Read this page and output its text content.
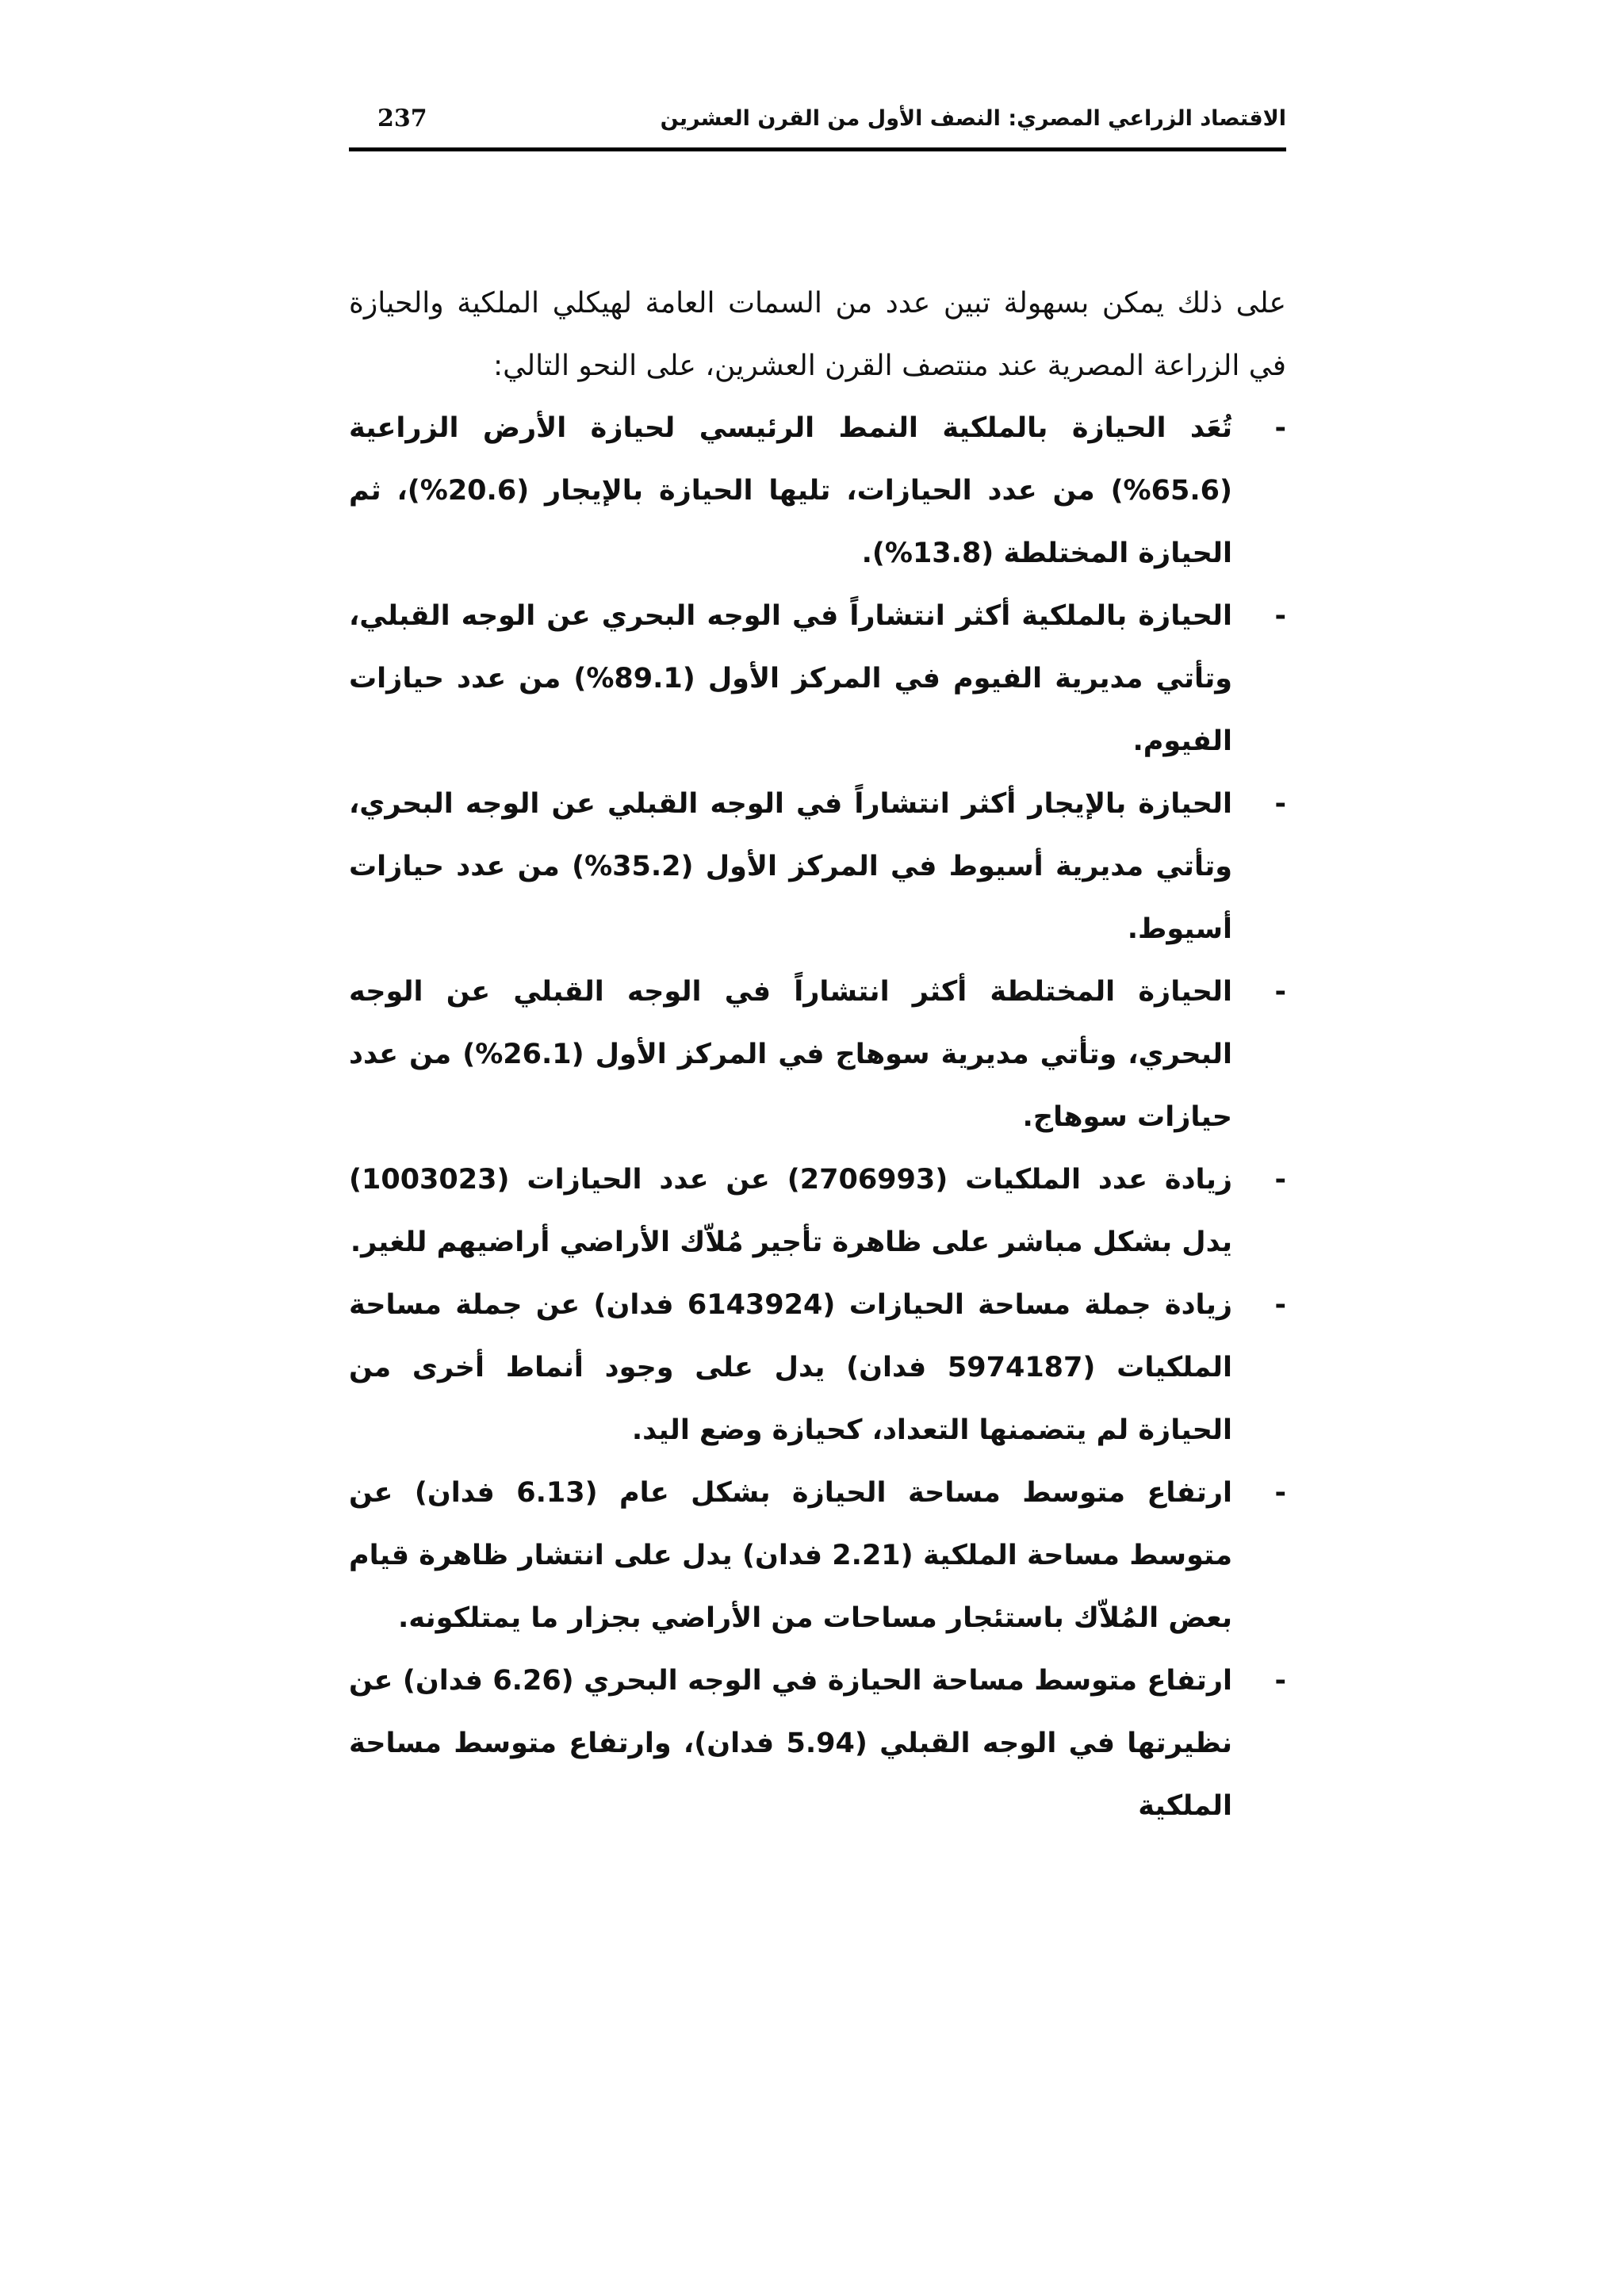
الاقتصاد الزراعي المصري: النصف الأول من القرن العشرين
237

على ذلك يمكن بسهولة تبين عدد من السمات العامة لهيكلي الملكية والحيازة في الزراعة المصرية عند منتصف القرن العشرين، على النحو التالي:

-
تُعَد الحيازة بالملكية النمط الرئيسي لحيازة الأرض الزراعية (65.6%) من عدد الحيازات، تليها الحيازة بالإيجار (20.6%)، ثم الحيازة المختلطة (13.8%).
-
الحيازة بالملكية أكثر انتشاراً في الوجه البحري عن الوجه القبلي، وتأتي مديرية الفيوم في المركز الأول (89.1%) من عدد حيازات الفيوم.
-
الحيازة بالإيجار أكثر انتشاراً في الوجه القبلي عن الوجه البحري، وتأتي مديرية أسيوط في المركز الأول (35.2%) من عدد حيازات أسيوط.
-
الحيازة المختلطة أكثر انتشاراً في الوجه القبلي عن الوجه البحري، وتأتي مديرية سوهاج في المركز الأول (26.1%) من عدد حيازات سوهاج.
-
زيادة عدد الملكيات (2706993) عن عدد الحيازات (1003023) يدل بشكل مباشر على ظاهرة تأجير مُلاّك الأراضي أراضيهم للغير.
-
زيادة جملة مساحة الحيازات (6143924 فدان) عن جملة مساحة الملكيات (5974187 فدان) يدل على وجود أنماط أخرى من الحيازة لم يتضمنها التعداد، كحيازة وضع اليد.
-
ارتفاع متوسط مساحة الحيازة بشكل عام (6.13 فدان) عن متوسط مساحة الملكية (2.21 فدان) يدل على انتشار ظاهرة قيام بعض المُلاّك باستئجار مساحات من الأراضي بجزار ما يمتلكونه.
-
ارتفاع متوسط مساحة الحيازة في الوجه البحري (6.26 فدان) عن نظيرتها في الوجه القبلي (5.94 فدان)، وارتفاع متوسط مساحة الملكية
